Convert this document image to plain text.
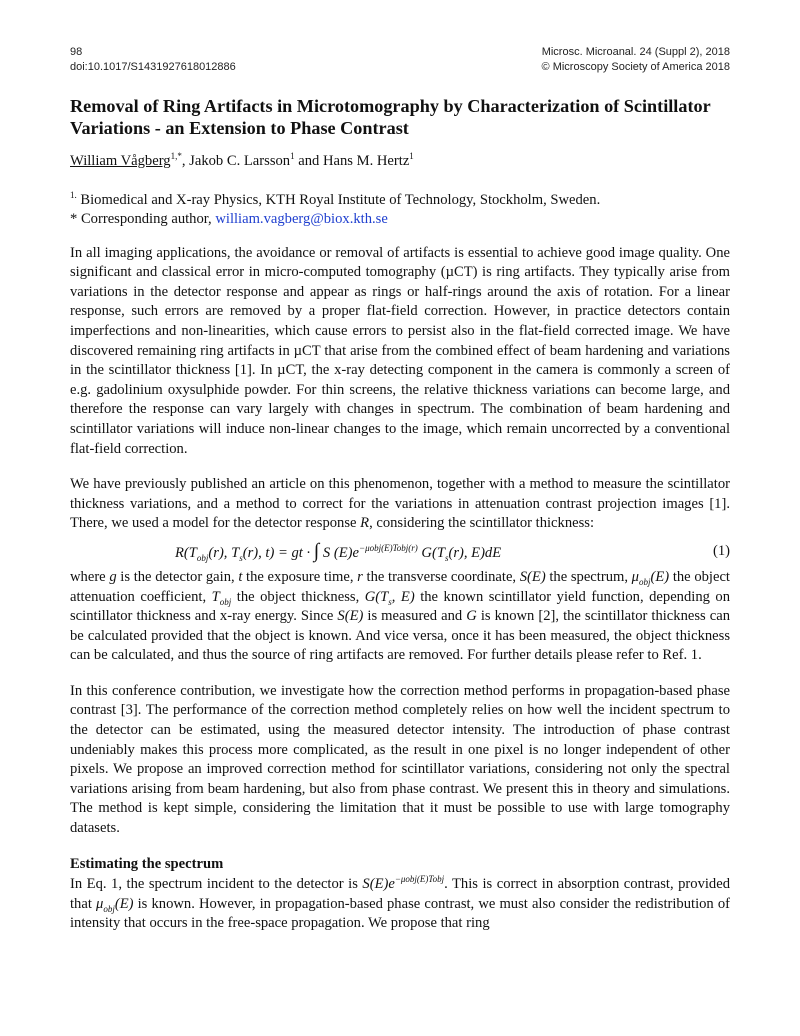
98
doi:10.1017/S1431927618012886
Microsc. Microanal. 24 (Suppl 2), 2018
© Microscopy Society of America 2018
Removal of Ring Artifacts in Microtomography by Characterization of Scintillator Variations - an Extension to Phase Contrast
William Vågberg$^{1,*}$, Jakob C. Larsson$^1$ and Hans M. Hertz$^1$
$^{1.}$ Biomedical and X-ray Physics, KTH Royal Institute of Technology, Stockholm, Sweden.
* Corresponding author, william.vagberg@biox.kth.se
In all imaging applications, the avoidance or removal of artifacts is essential to achieve good image quality. One significant and classical error in micro-computed tomography (µCT) is ring artifacts. They typically arise from variations in the detector response and appear as rings or half-rings around the axis of rotation. For a linear response, such errors are removed by a proper flat-field correction. However, in practice detectors contain imperfections and non-linearities, which cause errors to persist also in the flat-field corrected image. We have discovered remaining ring artifacts in µCT that arise from the combined effect of beam hardening and variations in the scintillator thickness [1]. In µCT, the x-ray detecting component in the camera is commonly a screen of e.g. gadolinium oxysulphide powder. For thin screens, the relative thickness variations can become large, and therefore the response can vary largely with changes in spectrum. The combination of beam hardening and scintillator variations will induce non-linear changes to the image, which remain uncorrected by a conventional flat-field correction.
We have previously published an article on this phenomenon, together with a method to measure the scintillator thickness variations, and a method to correct for the variations in attenuation contrast projection images [1]. There, we used a model for the detector response R, considering the scintillator thickness:
$R(T_{obj}(r)$, $T_s(r)$, t) = gt · ∫ S $(E)e^{-\mu obj(E)Tobj(r)}$ $G(T_s(r)$, E)dE	(1)
where g is the detector gain, t the exposure time, r the transverse coordinate, S(E) the spectrum, $\mu_{obj}(E)$ the object attenuation coefficient, $T_{obj}$ the object thickness, $G(T_s$, E) the known scintillator yield function, depending on scintillator thickness and x-ray energy. Since S(E) is measured and G is known [2], the scintillator thickness can be calculated provided that the object is known. And vice versa, once it has been measured, the object thickness can be calculated, and thus the source of ring artifacts are removed. For further details please refer to Ref. 1.
In this conference contribution, we investigate how the correction method performs in propagation-based phase contrast [3]. The performance of the correction method completely relies on how well the incident spectrum to the detector can be estimated, using the measured detector intensity. The introduction of phase contrast undeniably makes this process more complicated, as the result in one pixel is no longer independent of other pixels. We propose an improved correction method for scintillator variations, considering not only the spectral variations arising from beam hardening, but also from phase contrast. We present this in theory and simulations. The method is kept simple, considering the limitation that it must be possible to use with large tomography datasets.
Estimating the spectrum
In Eq. 1, the spectrum incident to the detector is $S(E)e^{-\mu obj(E)Tobj}$. This is correct in absorption contrast, provided that $\mu_{obj}(E)$ is known. However, in propagation-based phase contrast, we must also consider the redistribution of intensity that occurs in the free-space propagation. We propose that ring
